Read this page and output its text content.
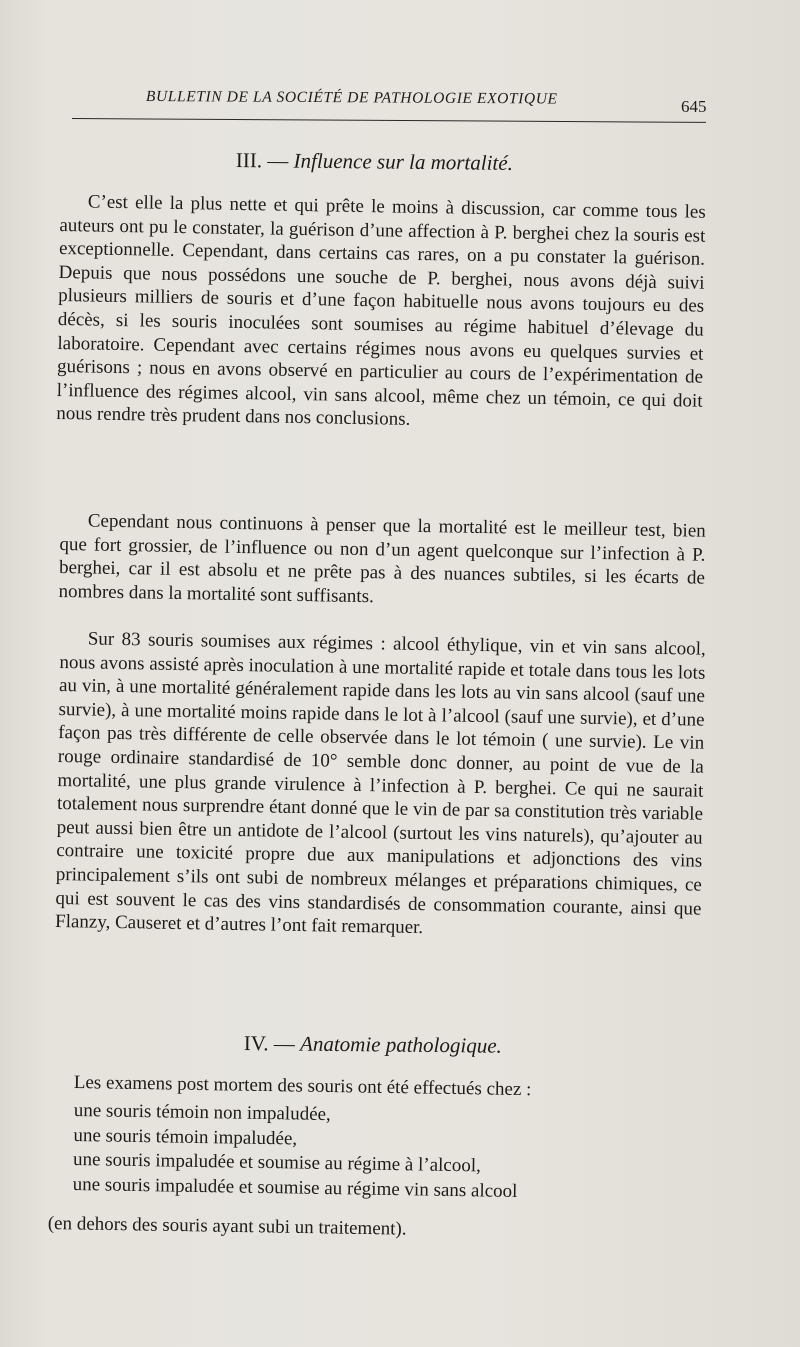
BULLETIN DE LA SOCIÉTÉ DE PATHOLOGIE EXOTIQUE	645
III. — Influence sur la mortalité.

C’est elle la plus nette et qui prête le moins à discussion, car comme tous les auteurs ont pu le constater, la guérison d’une affection à P. berghei chez la souris est exceptionnelle. Cependant, dans certains cas rares, on a pu constater la guérison. Depuis que nous possédons une souche de P. berghei, nous avons déjà suivi plusieurs milliers de souris et d’une façon habituelle nous avons toujours eu des décès, si les souris inoculées sont soumises au régime habituel d’élevage du laboratoire. Cependant avec certains régimes nous avons eu quelques survies et guérisons ; nous en avons observé en particulier au cours de l’expérimentation de l’influence des régimes alcool, vin sans alcool, même chez un témoin, ce qui doit nous rendre très prudent dans nos conclusions.

Cependant nous continuons à penser que la mortalité est le meilleur test, bien que fort grossier, de l’influence ou non d’un agent quelconque sur l’infection à P. berghei, car il est absolu et ne prête pas à des nuances subtiles, si les écarts de nombres dans la mortalité sont suffisants.

Sur 83 souris soumises aux régimes : alcool éthylique, vin et vin sans alcool, nous avons assisté après inoculation à une mortalité rapide et totale dans tous les lots au vin, à une mortalité généralement rapide dans les lots au vin sans alcool (sauf une survie), à une mortalité moins rapide dans le lot à l’alcool (sauf une survie), et d’une façon pas très différente de celle observée dans le lot témoin ( une survie). Le vin rouge ordinaire standardisé de 10° semble donc donner, au point de vue de la mortalité, une plus grande virulence à l’infection à P. berghei. Ce qui ne saurait totalement nous surprendre étant donné que le vin de par sa constitution très variable peut aussi bien être un antidote de l’alcool (surtout les vins naturels), qu’ajouter au contraire une toxicité propre due aux manipulations et adjonctions des vins principalement s’ils ont subi de nombreux mélanges et préparations chimiques, ce qui est souvent le cas des vins standardisés de consommation courante, ainsi que Flanzy, Causeret et d’autres l’ont fait remarquer.

IV. — Anatomie pathologique.
Les examens post mortem des souris ont été effectués chez :
une souris témoin non impaludée,
une souris témoin impaludée,
une souris impaludée et soumise au régime à l’alcool,
une souris impaludée et soumise au régime vin sans alcool
(en dehors des souris ayant subi un traitement).
